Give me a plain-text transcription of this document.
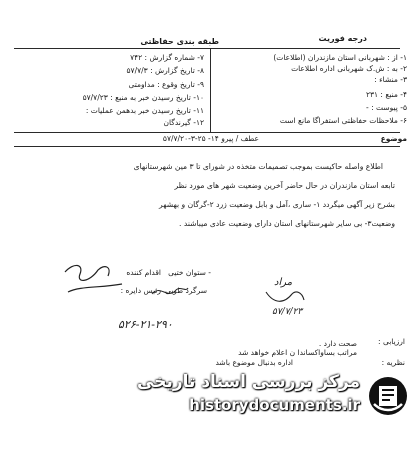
درجه فوریت
طبقه بندی حفاظتی
۱- از : شهربانی استان مازندران (اطلاعات)
۲- به : ش.ک شهربانی اداره اطلاعات
۳- منشاء :
۴- منبع : ۲۳۱
۵- پیوست : -
۶- ملاحظات حفاظتی استفراگا مانع است
۷- شماره گزارش : ۷۴۲
۸- تاریخ گزارش : ۵۷/۷/۳
۹- تاریخ وقوع : مداومتی
۱۰- تاریخ رسیدن خبر به منبع : ۵۷/۷/۲۳
۱۱- تاریخ رسیدن خبر بدهمن عملیات :
۱۲- گیرندگان
موضوع
عطف / پیرو ۱۴- ۲۵-۳-۵۷/۷/۲۰
اطلاع واصله حاکیست بموجب تصمیمات متخذه در شورای تا ۳ مین شهرستانهای
تابعه استان مازندران در حال حاضر آخرین وضعیت شهر های مورد نظر
بشرح زیر آگهی میگردد ۱- ساری ،آمل و بابل وضعیت زرد ۲-گرگان و بهشهر
وضعیت۳- بی سایر شهرستانهای استان دارای وضعیت عادی میباشند .
اقدام کننده - ستوان ختیی
رئیس دایره : سرگرد طوبی
مراد
۵۷/۷/۲۳
۵۲۶-۲۱-۲۹۰
ارزیابی :
صحت دارد .
مراتب بساواکساندا ن اعلام خواهد شد
نظریه :
اداره بدنبال موضوع باشد
مرکز بررسی اسناد تاریخی
historydocuments.ir
